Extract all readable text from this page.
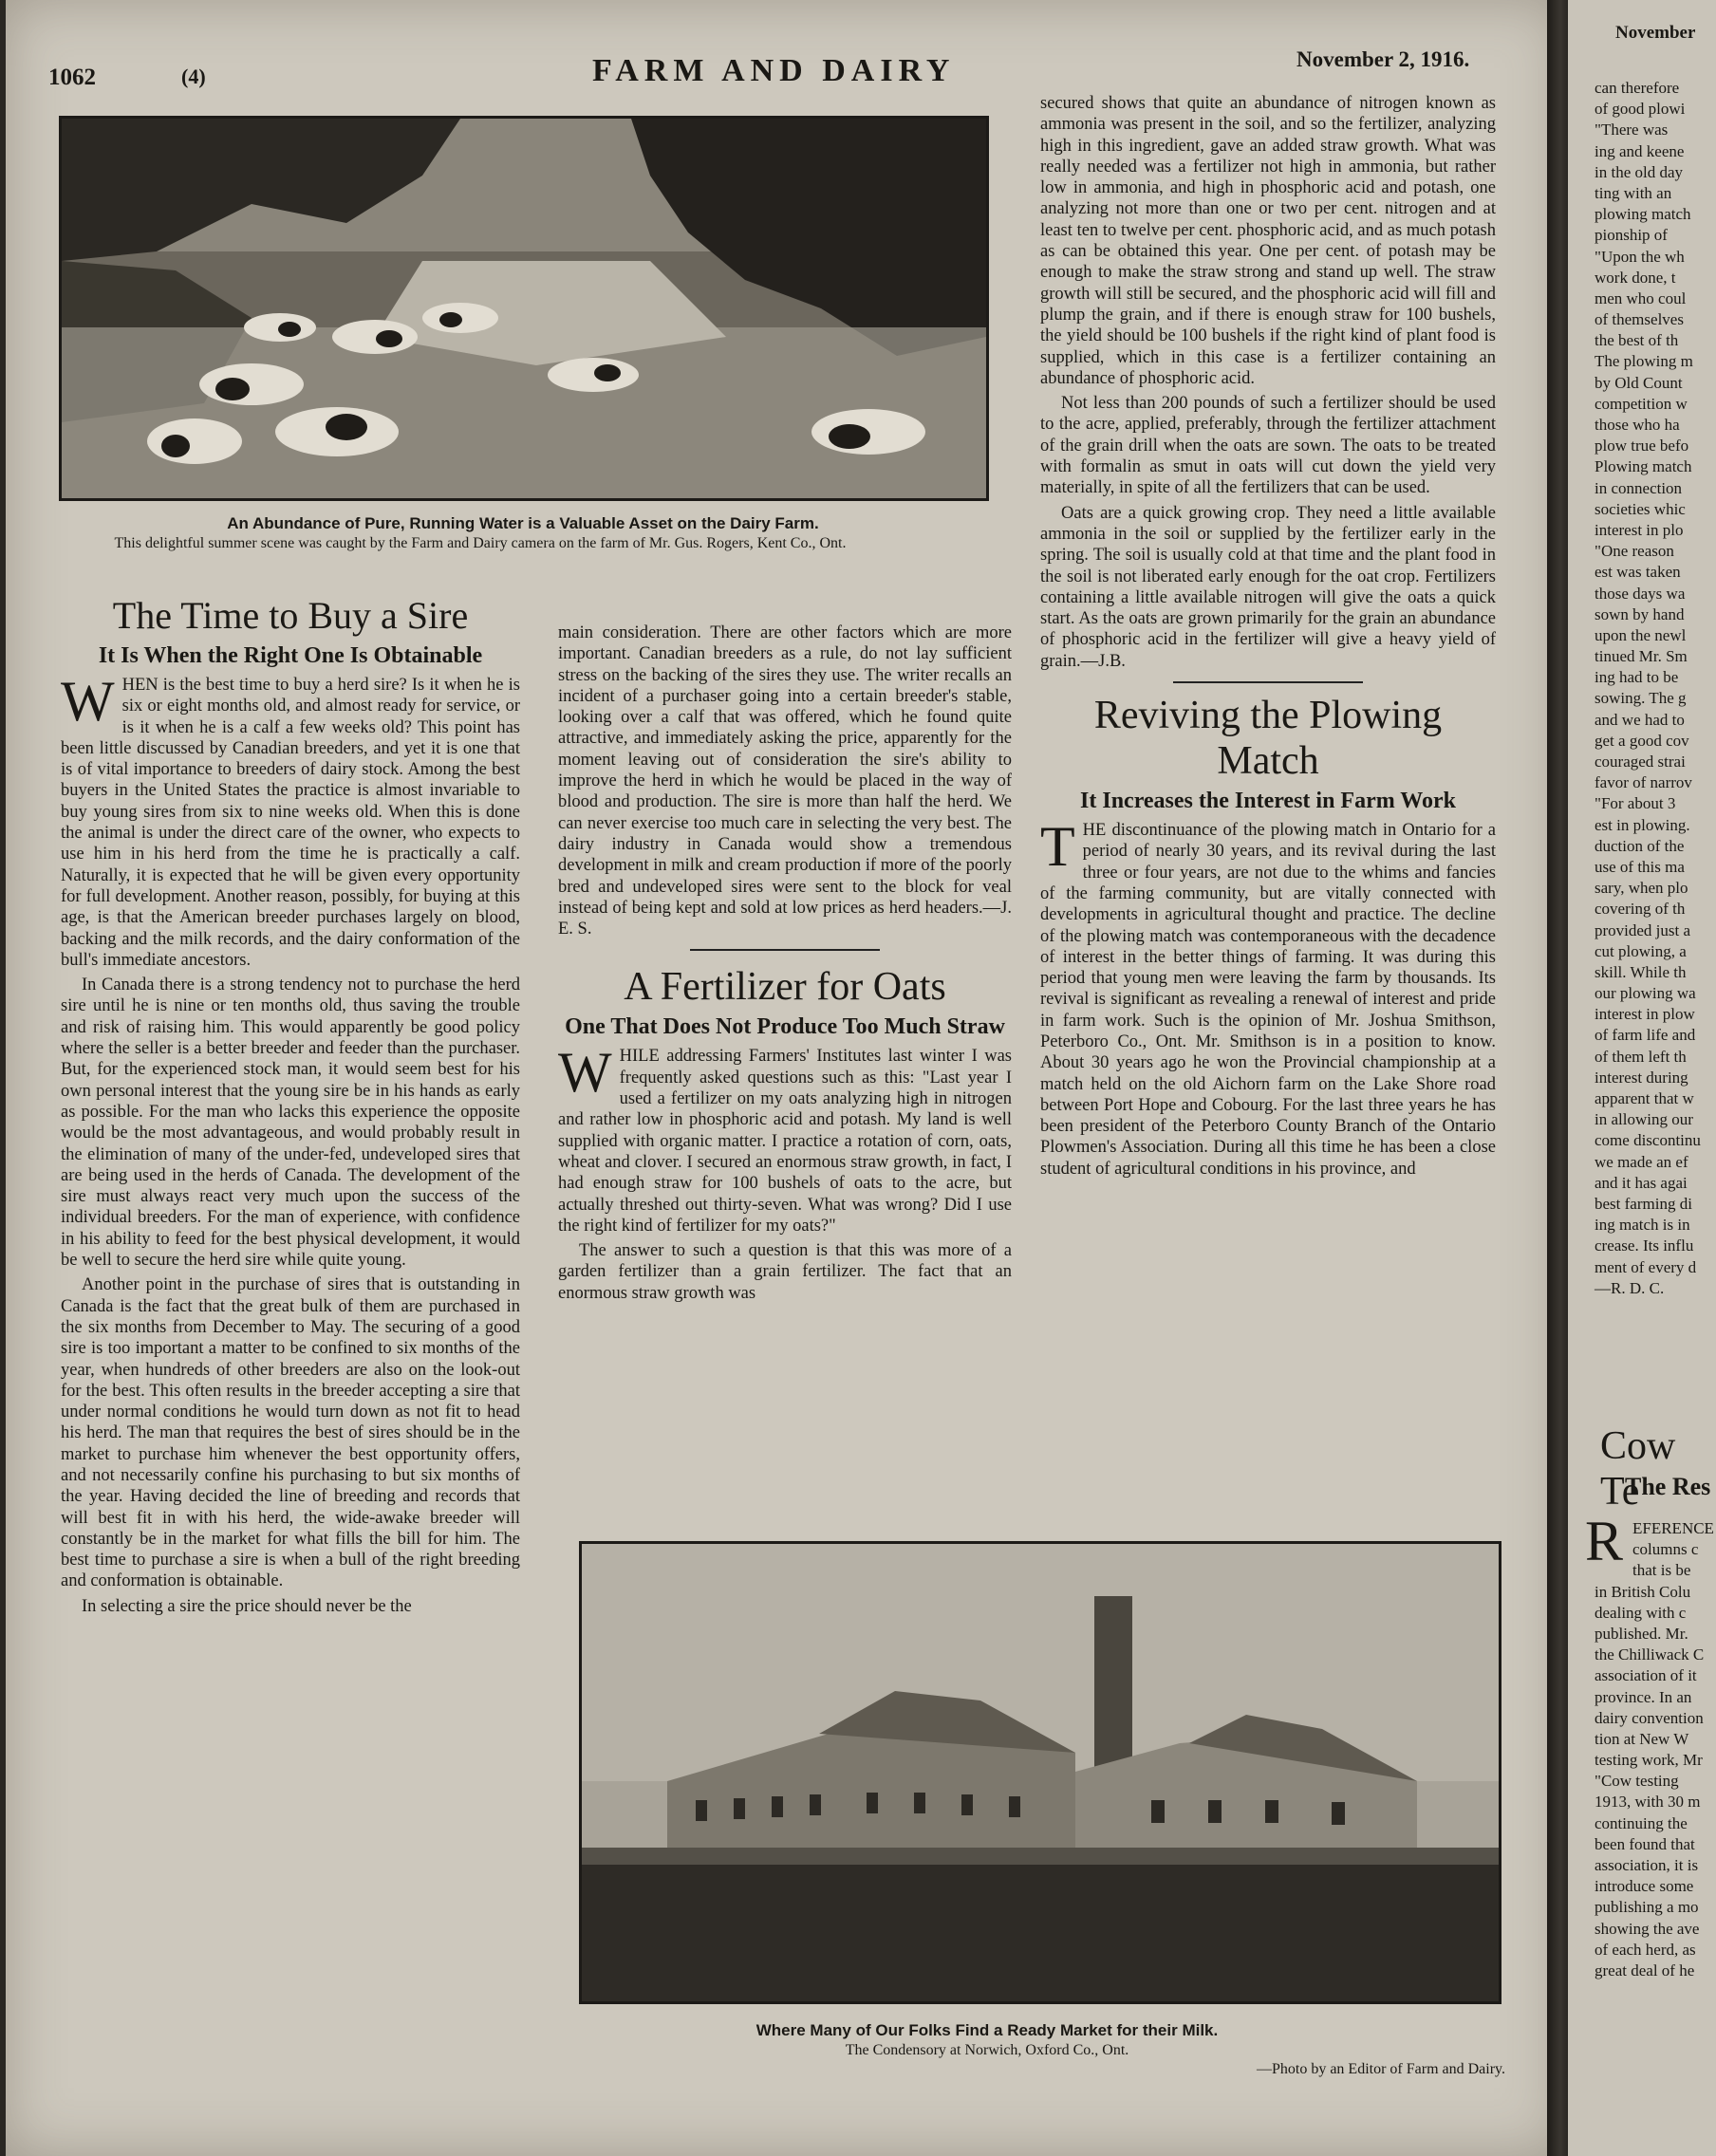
1062	(4)	FARM AND DAIRY	November 2, 1916.
An Abundance of Pure, Running Water is a Valuable Asset on the Dairy Farm.
This delightful summer scene was caught by the Farm and Dairy camera on the farm of Mr. Gus. Rogers, Kent Co., Ont.
The Time to Buy a Sire
It Is When the Right One Is Obtainable

WHEN is the best time to buy a herd sire? Is it when he is six or eight months old, and almost ready for service, or is it when he is a calf a few weeks old? This point has been little discussed by Canadian breeders, and yet it is one that is of vital importance to breeders of dairy stock. Among the best buyers in the United States the practice is almost invariable to buy young sires from six to nine weeks old. When this is done the animal is under the direct care of the owner, who expects to use him in his herd from the time he is practically a calf. Naturally, it is expected that he will be given every opportunity for full development. Another reason, possibly, for buying at this age, is that the American breeder purchases largely on blood, backing and the milk records, and the dairy conformation of the bull's immediate ancestors.

In Canada there is a strong tendency not to purchase the herd sire until he is nine or ten months old, thus saving the trouble and risk of raising him. This would apparently be good policy where the seller is a better breeder and feeder than the purchaser. But, for the experienced stock man, it would seem best for his own personal interest that the young sire be in his hands as early as possible. For the man who lacks this experience the opposite would be the most advantageous, and would probably result in the elimination of many of the under-fed, undeveloped sires that are being used in the herds of Canada. The development of the sire must always react very much upon the success of the individual breeders. For the man of experience, with confidence in his ability to feed for the best physical development, it would be well to secure the herd sire while quite young.

Another point in the purchase of sires that is outstanding in Canada is the fact that the great bulk of them are purchased in the six months from December to May. The securing of a good sire is too important a matter to be confined to six months of the year, when hundreds of other breeders are also on the look-out for the best. This often results in the breeder accepting a sire that under normal conditions he would turn down as not fit to head his herd. The man that requires the best of sires should be in the market to purchase him whenever the best opportunity offers, and not necessarily confine his purchasing to but six months of the year. Having decided the line of breeding and records that will best fit in with his herd, the wide-awake breeder will constantly be in the market for what fills the bill for him. The best time to purchase a sire is when a bull of the right breeding and conformation is obtainable.

In selecting a sire the price should never be the

main consideration. There are other factors which are more important. Canadian breeders as a rule, do not lay sufficient stress on the backing of the sires they use. The writer recalls an incident of a purchaser going into a certain breeder's stable, looking over a calf that was offered, which he found quite attractive, and immediately asking the price, apparently for the moment leaving out of consideration the sire's ability to improve the herd in which he would be placed in the way of blood and production. The sire is more than half the herd. We can never exercise too much care in selecting the very best. The dairy industry in Canada would show a tremendous development in milk and cream production if more of the poorly bred and undeveloped sires were sent to the block for veal instead of being kept and sold at low prices as herd headers.—J. E. S.

A Fertilizer for Oats
One That Does Not Produce Too Much Straw

WHILE addressing Farmers' Institutes last winter I was frequently asked questions such as this: "Last year I used a fertilizer on my oats analyzing high in nitrogen and rather low in phosphoric acid and potash. My land is well supplied with organic matter. I practice a rotation of corn, oats, wheat and clover. I secured an enormous straw growth, in fact, I had enough straw for 100 bushels of oats to the acre, but actually threshed out thirty-seven. What was wrong? Did I use the right kind of fertilizer for my oats?"

The answer to such a question is that this was more of a garden fertilizer than a grain fertilizer. The fact that an enormous straw growth was

secured shows that quite an abundance of nitrogen known as ammonia was present in the soil, and so the fertilizer, analyzing high in this ingredient, gave an added straw growth. What was really needed was a fertilizer not high in ammonia, but rather low in ammonia, and high in phosphoric acid and potash, one analyzing not more than one or two per cent. nitrogen and at least ten to twelve per cent. phosphoric acid, and as much potash as can be obtained this year. One per cent. of potash may be enough to make the straw strong and stand up well. The straw growth will still be secured, and the phosphoric acid will fill and plump the grain, and if there is enough straw for 100 bushels, the yield should be 100 bushels if the right kind of plant food is supplied, which in this case is a fertilizer containing an abundance of phosphoric acid.

Not less than 200 pounds of such a fertilizer should be used to the acre, applied, preferably, through the fertilizer attachment of the grain drill when the oats are sown. The oats to be treated with formalin as smut in oats will cut down the yield very materially, in spite of all the fertilizers that can be used.

Oats are a quick growing crop. They need a little available ammonia in the soil or supplied by the fertilizer early in the spring. The soil is usually cold at that time and the plant food in the soil is not liberated early enough for the oat crop. Fertilizers containing a little available nitrogen will give the oats a quick start. As the oats are grown primarily for the grain an abundance of phosphoric acid in the fertilizer will give a heavy yield of grain.—J.B.

Reviving the Plowing Match
It Increases the Interest in Farm Work

THE discontinuance of the plowing match in Ontario for a period of nearly 30 years, and its revival during the last three or four years, are not due to the whims and fancies of the farming community, but are vitally connected with developments in agricultural thought and practice. The decline of the plowing match was contemporaneous with the decadence of interest in the better things of farming. It was during this period that young men were leaving the farm by thousands. Its revival is significant as revealing a renewal of interest and pride in farm work. Such is the opinion of Mr. Joshua Smithson, Peterboro Co., Ont. Mr. Smithson is in a position to know. About 30 years ago he won the Provincial championship at a match held on the old Aichorn farm on the Lake Shore road between Port Hope and Cobourg. For the last three years he has been president of the Peterboro County Branch of the Ontario Plowmen's Association. During all this time he has been a close student of agricultural conditions in his province, and

Where Many of Our Folks Find a Ready Market for their Milk.
The Condensory at Norwich, Oxford Co., Ont.
—Photo by an Editor of Farm and Dairy.
November
can therefore
of good plowi
"There was
ing and keene
in the old day
ting with an
plowing match
pionship of
"Upon the wh
work done, t
men who coul
of themselves
the best of th
The plowing m
by Old Count
competition w
those who ha
plow true befo
Plowing match
in connection
societies whic
interest in plo
"One reason
est was taken
those days wa
sown by hand
upon the newl
tinued Mr. Sm
ing had to be
sowing. The g
and we had to
get a good cov
couraged strai
favor of narrov
"For about 3
est in plowing.
duction of the
use of this ma
sary, when plo
covering of th
provided just a
cut plowing, a
skill. While th
our plowing wa
interest in plow
of farm life and
of them left th
interest during
apparent that w
in allowing our
come discontinu
we made an ef
and it has agai
best farming di
ing match is in
crease. Its influ
ment of every d
—R. D. C.
Cow Te
The Res
R EFERENCE
columns c
that is be
in British Colu
dealing with c
published. Mr.
the Chilliwack C
association of it
province. In an
dairy convention
tion at New W
testing work, Mr
"Cow testing
1913, with 30 m
continuing the
been found that
association, it is
introduce some
publishing a mo
showing the ave
of each herd, as
great deal of he
